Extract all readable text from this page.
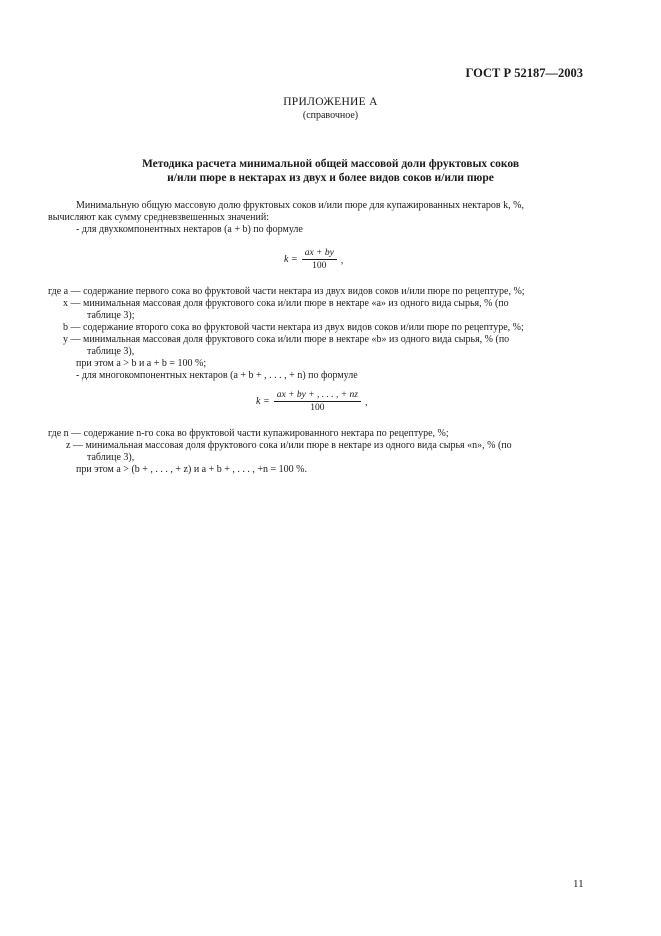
ГОСТ Р 52187—2003
ПРИЛОЖЕНИЕ А
(справочное)
Методика расчета минимальной общей массовой доли фруктовых соков
и/или пюре в нектарах из двух и более видов соков и/или пюре
Минимальную общую массовую долю фруктовых соков и/или пюре для купажированных нектаров k, %,
вычисляют как сумму средневзвешенных значений:
- для двухкомпонентных нектаров (a + b) по формуле
$k = \frac{ax + by}{100}$ ,
где a — содержание первого сока во фруктовой части нектара из двух видов соков и/или пюре по рецептуре, %;
x — минимальная массовая доля фруктового сока и/или пюре в нектаре «a» из одного вида сырья, % (по
таблице 3);
b — содержание второго сока во фруктовой части нектара из двух видов соков и/или пюре по рецептуре, %;
y — минимальная массовая доля фруктового сока и/или пюре в нектаре «b» из одного вида сырья, % (по
таблице 3),
при этом a > b и a + b = 100 %;
- для многокомпонентных нектаров (a + b + , . . . , + n) по формуле
$k = \frac{ax + by + , . . . , + nz}{100}$ ,
где n — содержание n-го сока во фруктовой части купажированного нектара по рецептуре, %;
z — минимальная массовая доля фруктового сока и/или пюре в нектаре из одного вида сырья «n», % (по
таблице 3),
при этом a > (b + , . . . , + z) и a + b + , . . . , +n = 100 %.
11
